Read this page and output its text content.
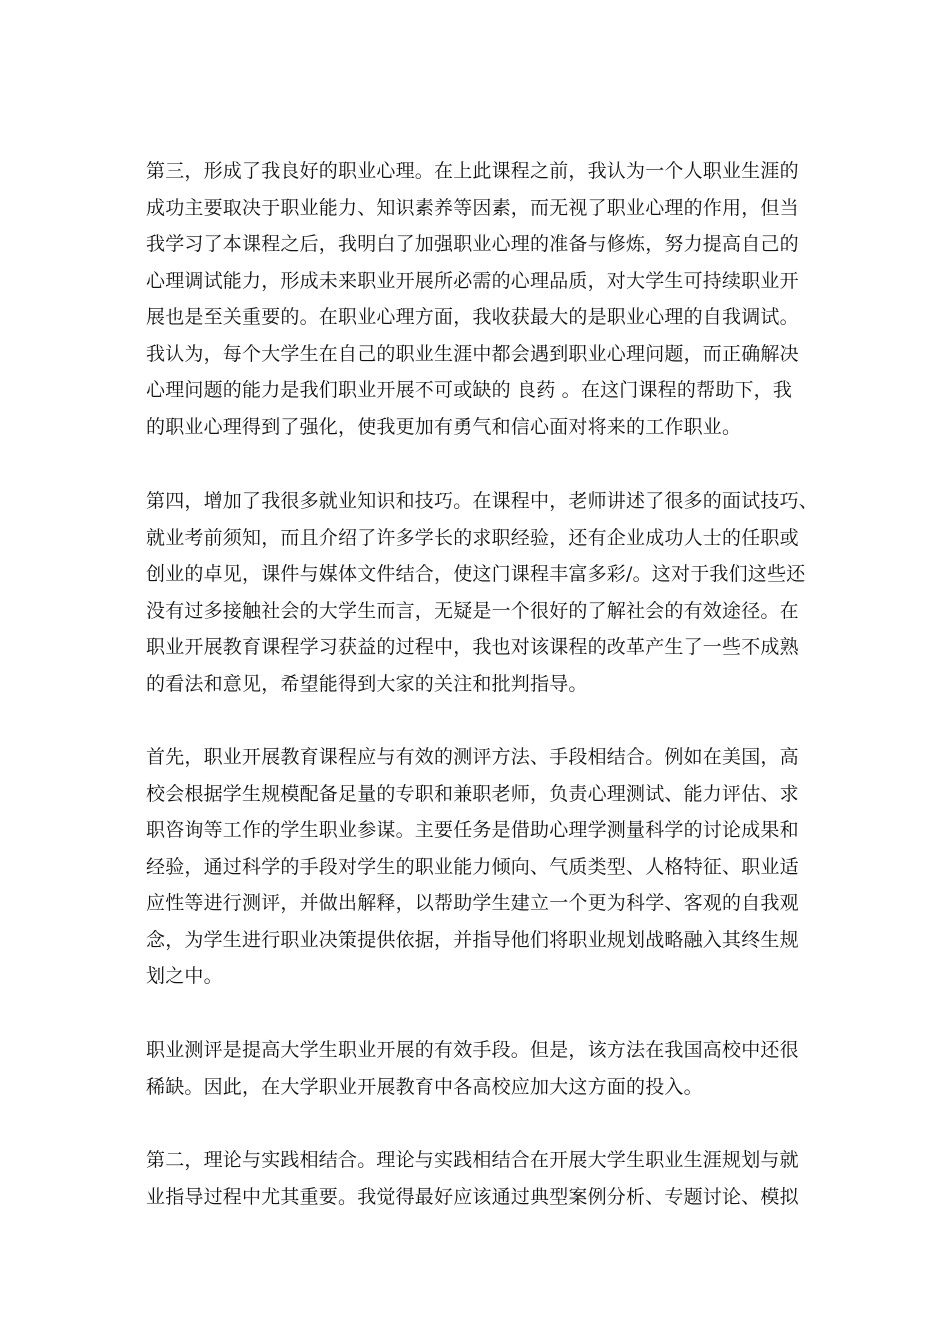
第三，形成了我良好的职业心理。在上此课程之前，我认为一个人职业生涯的
成功主要取决于职业能力、知识素养等因素，而无视了职业心理的作用，但当
我学习了本课程之后，我明白了加强职业心理的准备与修炼，努力提高自己的
心理调试能力，形成未来职业开展所必需的心理品质，对大学生可持续职业开
展也是至关重要的。在职业心理方面，我收获最大的是职业心理的自我调试。
我认为，每个大学生在自己的职业生涯中都会遇到职业心理问题，而正确解决
心理问题的能力是我们职业开展不可或缺的 良药 。在这门课程的帮助下，我
的职业心理得到了强化，使我更加有勇气和信心面对将来的工作职业。
第四，增加了我很多就业知识和技巧。在课程中，老师讲述了很多的面试技巧、
就业考前须知，而且介绍了许多学长的求职经验，还有企业成功人士的任职或
创业的卓见，课件与媒体文件结合，使这门课程丰富多彩/。这对于我们这些还
没有过多接触社会的大学生而言，无疑是一个很好的了解社会的有效途径。在
职业开展教育课程学习获益的过程中，我也对该课程的改革产生了一些不成熟
的看法和意见，希望能得到大家的关注和批判指导。
首先，职业开展教育课程应与有效的测评方法、手段相结合。例如在美国，高
校会根据学生规模配备足量的专职和兼职老师，负责心理测试、能力评估、求
职咨询等工作的学生职业参谋。主要任务是借助心理学测量科学的讨论成果和
经验，通过科学的手段对学生的职业能力倾向、气质类型、人格特征、职业适
应性等进行测评，并做出解释，以帮助学生建立一个更为科学、客观的自我观
念，为学生进行职业决策提供依据，并指导他们将职业规划战略融入其终生规
划之中。
职业测评是提高大学生职业开展的有效手段。但是，该方法在我国高校中还很
稀缺。因此，在大学职业开展教育中各高校应加大这方面的投入。
第二，理论与实践相结合。理论与实践相结合在开展大学生职业生涯规划与就
业指导过程中尤其重要。我觉得最好应该通过典型案例分析、专题讨论、模拟
